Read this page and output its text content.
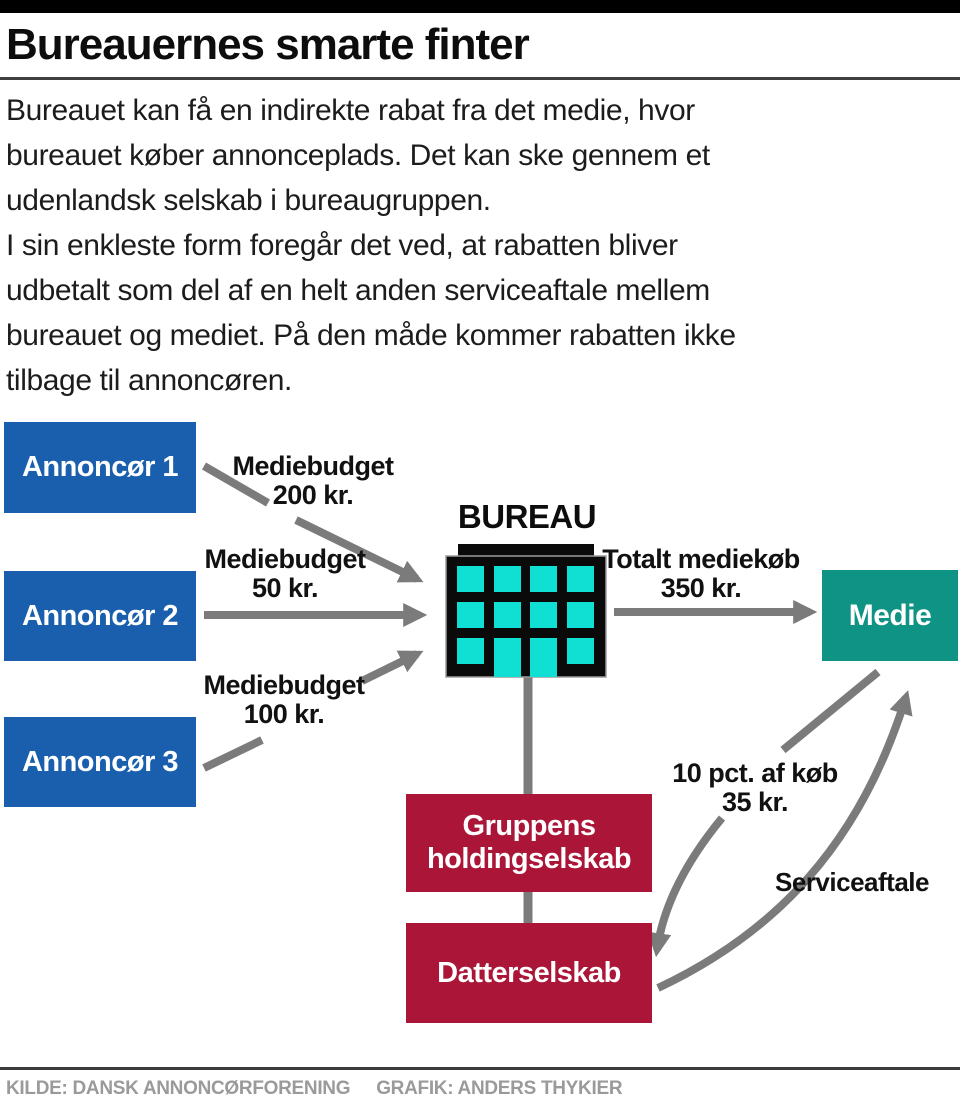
Bureauernes smarte finter
Bureauet kan få en indirekte rabat fra det medie, hvor
bureauet køber annonceplads. Det kan ske gennem et
udenlandsk selskab i bureaugruppen.
I sin enkleste form foregår det ved, at rabatten bliver
udbetalt som del af en helt anden serviceaftale mellem
bureauet og mediet. På den måde kommer rabatten ikke
tilbage til annoncøren.
Annoncør 1
Annoncør 2
Annoncør 3
Mediebudget
200 kr.
Mediebudget
50 kr.
Mediebudget
100 kr.
BUREAU
Totalt mediekøb
350 kr.
Medie
Gruppens
holdingselskab
Datterselskab
10 pct. af køb
35 kr.
Serviceaftale
KILDE: DANSK ANNONCØRFORENING GRAFIK: ANDERS THYKIER
